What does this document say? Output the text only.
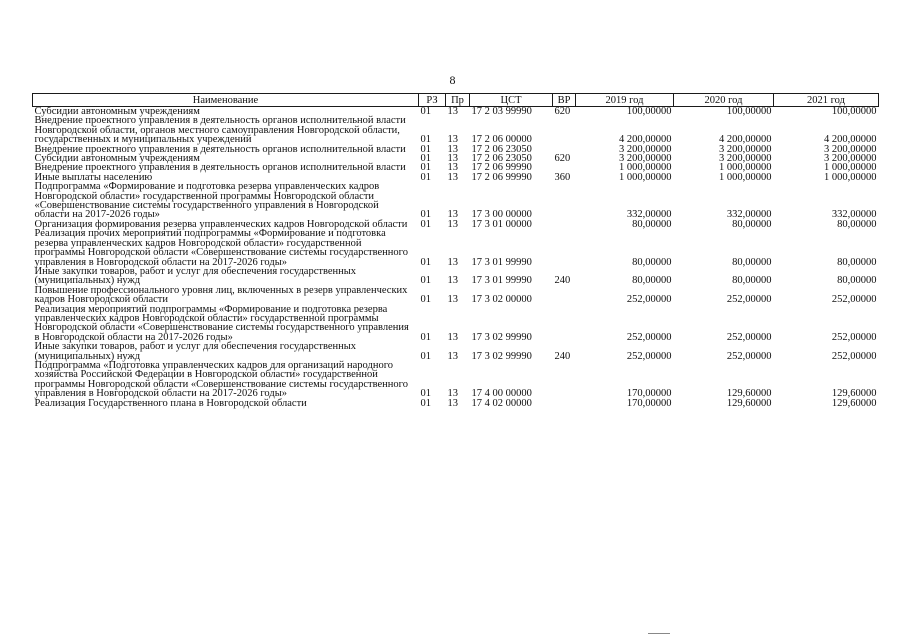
8
Наименование	РЗ	Пр	ЦСТ	ВР	2019 год	2020 год	2021 год
Субсидии автономным учреждениям	01	13	17 2 03 99990	620	100,00000	100,00000	100,00000
Внедрение проектного управления в деятельность органов исполнительной власти Новгородской области, органов местного самоуправления Новгородской области, государственных и муниципальных учреждений	01	13	17 2 06 00000		4 200,00000	4 200,00000	4 200,00000
Внедрение проектного управления в деятельность органов исполнительной власти	01	13	17 2 06 23050		3 200,00000	3 200,00000	3 200,00000
Субсидии автономным учреждениям	01	13	17 2 06 23050	620	3 200,00000	3 200,00000	3 200,00000
Внедрение проектного управления в деятельность органов исполнительной власти	01	13	17 2 06 99990		1 000,00000	1 000,00000	1 000,00000
Иные выплаты населению	01	13	17 2 06 99990	360	1 000,00000	1 000,00000	1 000,00000
Подпрограмма «Формирование и подготовка резерва управленческих кадров Новгородской области» государственной программы Новгородской области «Совершенствование системы государственного управления в Новгородской области на 2017-2026 годы»	01	13	17 3 00 00000		332,00000	332,00000	332,00000
Организация формирования резерва управленческих кадров Новгородской области	01	13	17 3 01 00000		80,00000	80,00000	80,00000
Реализация прочих мероприятий подпрограммы «Формирование и подготовка резерва управленческих кадров Новгородской области» государственной программы Новгородской области «Совершенствование системы государственного управления в Новгородской области на 2017-2026 годы»	01	13	17 3 01 99990		80,00000	80,00000	80,00000
Иные закупки товаров, работ и услуг для обеспечения государственных (муниципальных) нужд	01	13	17 3 01 99990	240	80,00000	80,00000	80,00000
Повышение профессионального уровня лиц, включенных в резерв управленческих кадров Новгородской области	01	13	17 3 02 00000		252,00000	252,00000	252,00000
Реализация мероприятий подпрограммы «Формирование и подготовка резерва управленческих кадров Новгородской области» государственной программы Новгородской области «Совершенствование системы государственного управления в Новгородской области на 2017-2026 годы»	01	13	17 3 02 99990		252,00000	252,00000	252,00000
Иные закупки товаров, работ и услуг для обеспечения государственных (муниципальных) нужд	01	13	17 3 02 99990	240	252,00000	252,00000	252,00000
Подпрограмма «Подготовка управленческих кадров для организаций народного хозяйства Российской Федерации в Новгородской области» государственной программы Новгородской области «Совершенствование системы государственного управления в Новгородской области на 2017-2026 годы»	01	13	17 4 00 00000		170,00000	129,60000	129,60000
Реализация Государственного плана в Новгородской области	01	13	17 4 02 00000		170,00000	129,60000	129,60000
